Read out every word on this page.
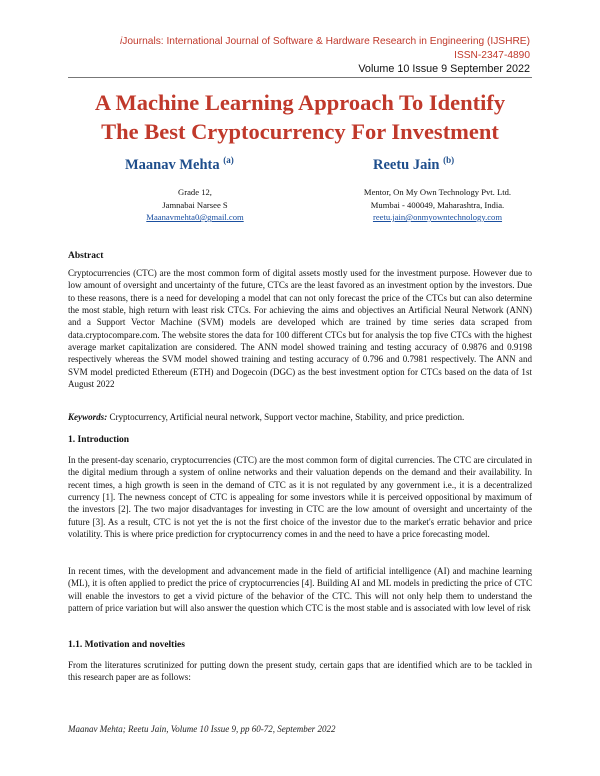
iJournals: International Journal of Software & Hardware Research in Engineering (IJSHRE)
ISSN-2347-4890
Volume 10 Issue 9 September 2022
A Machine Learning Approach To Identify
The Best Cryptocurrency For Investment
Maanav Mehta $^{(a)}$	Reetu Jain $^{(b)}$
Grade 12,
Jamnabai Narsee S
Maanavmehta0@gmail.com
Mentor, On My Own Technology Pvt. Ltd.
Mumbai - 400049, Maharashtra, India.
reetu.jain@onmyowntechnology.com
Abstract

Cryptocurrencies (CTC) are the most common form of digital assets mostly used for the investment purpose. However due to low amount of oversight and uncertainty of the future, CTCs are the least favored as an investment option by the investors. Due to these reasons, there is a need for developing a model that can not only forecast the price of the CTCs but can also determine the most stable, high return with least risk CTCs. For achieving the aims and objectives an Artificial Neural Network (ANN) and a Support Vector Machine (SVM) models are developed which are trained by time series data scraped from data.cryptocompare.com. The website stores the data for 100 different CTCs but for analysis the top five CTCs with the highest average market capitalization are considered. The ANN model showed training and testing accuracy of 0.9876 and 0.9198 respectively whereas the SVM model showed training and testing accuracy of 0.796 and 0.7981 respectively. The ANN and SVM model predicted Ethereum (ETH) and Dogecoin (DGC) as the best investment option for CTCs based on the data of 1st August 2022

Keywords: Cryptocurrency, Artificial neural network, Support vector machine, Stability, and price prediction.
1. Introduction

In the present-day scenario, cryptocurrencies (CTC) are the most common form of digital currencies. The CTC are circulated in the digital medium through a system of online networks and their valuation depends on the demand and their availability. In recent times, a high growth is seen in the demand of CTC as it is not regulated by any government i.e., it is a decentralized currency [1]. The newness concept of CTC is appealing for some investors while it is perceived oppositional by maximum of the investors [2]. The two major disadvantages for investing in CTC are the low amount of oversight and uncertainty of the future [3]. As a result, CTC is not yet the is not the first choice of the investor due to the market's erratic behavior and price volatility. This is where price prediction for cryptocurrency comes in and the need to have a price forecasting model.

In recent times, with the development and advancement made in the field of artificial intelligence (AI) and machine learning (ML), it is often applied to predict the price of cryptocurrencies [4]. Building AI and ML models in predicting the price of CTC will enable the investors to get a vivid picture of the behavior of the CTC. This will not only help them to understand the pattern of price variation but will also answer the question which CTC is the most stable and is associated with low level of risk

1.1. Motivation and novelties

From the literatures scrutinized for putting down the present study, certain gaps that are identified which are to be tackled in this research paper are as follows:

Maanav Mehta; Reetu Jain, Volume 10 Issue 9, pp 60-72, September 2022
